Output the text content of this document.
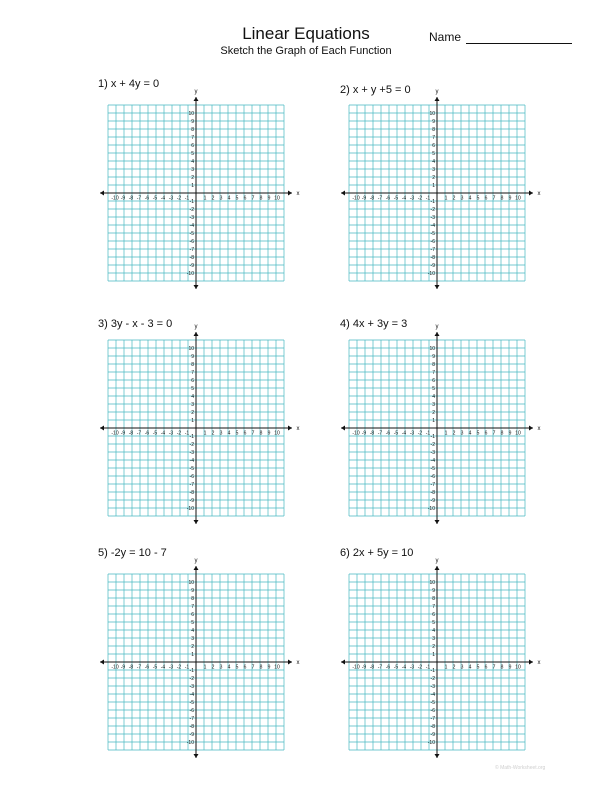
Linear Equations
Sketch the Graph of Each Function
Name
1) x + 4y = 0	2) x + y +5 = 0
3) 3y - x - 3 = 0	4) 4x + 3y = 3
5) -2y = 10 - 7	6) 2x + 5y = 10
x
y
-10 -9 -8 -7 -6 -5 -4 -3 -2 -1	1 2 3 4 5 6 7 8 9 10
10
9
8
7
6
5
4
3
2
1
-1
-2
-3
-4
-5
-6
-7
-8
-9
-10
x
y
-10 -9 -8 -7 -6 -5 -4 -3 -2 -1	1 2 3 4 5 6 7 8 9 10
10
9
8
7
6
5
4
3
2
1
-1
-2
-3
-4
-5
-6
-7
-8
-9
-10
x
y
-10 -9 -8 -7 -6 -5 -4 -3 -2 -1	1 2 3 4 5 6 7 8 9 10
10
9
8
7
6
5
4
3
2
1
-1
-2
-3
-4
-5
-6
-7
-8
-9
-10
x
y
-10 -9 -8 -7 -6 -5 -4 -3 -2 -1	1 2 3 4 5 6 7 8 9 10
10
9
8
7
6
5
4
3
2
1
-1
-2
-3
-4
-5
-6
-7
-8
-9
-10
x
y
-10 -9 -8 -7 -6 -5 -4 -3 -2 -1	1 2 3 4 5 6 7 8 9 10
10
9
8
7
6
5
4
3
2
1
-1
-2
-3
-4
-5
-6
-7
-8
-9
-10
x
y
-10 -9 -8 -7 -6 -5 -4 -3 -2 -1	1 2 3 4 5 6 7 8 9 10
10
9
8
7
6
5
4
3
2
1
-1
-2
-3
-4
-5
-6
-7
-8
-9
-10
© Math-Worksheet.org
